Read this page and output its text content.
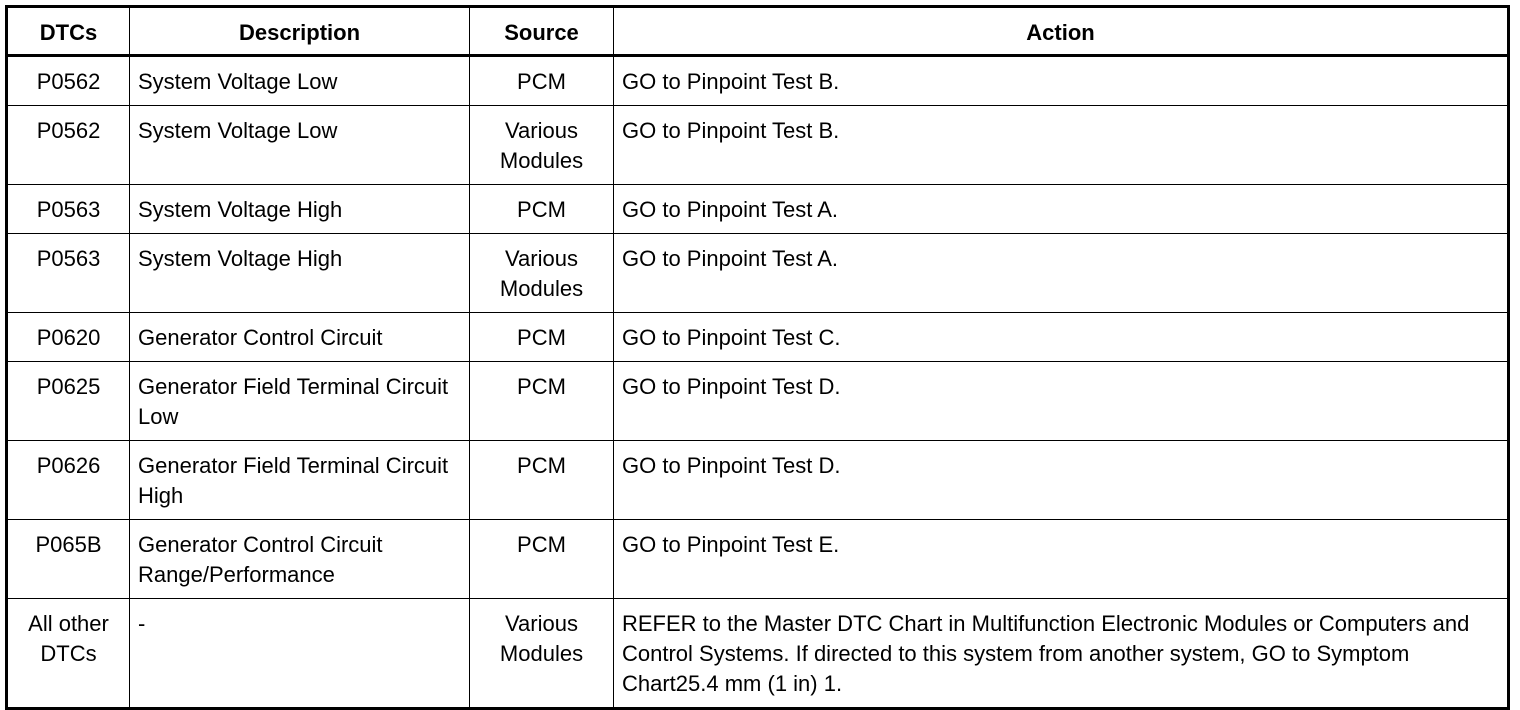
DTCs	Description	Source	Action
P0562	System Voltage Low	PCM	GO to Pinpoint Test B.
P0562	System Voltage Low	Various Modules	GO to Pinpoint Test B.
P0563	System Voltage High	PCM	GO to Pinpoint Test A.
P0563	System Voltage High	Various Modules	GO to Pinpoint Test A.
P0620	Generator Control Circuit	PCM	GO to Pinpoint Test C.
P0625	Generator Field Terminal Circuit Low	PCM	GO to Pinpoint Test D.
P0626	Generator Field Terminal Circuit High	PCM	GO to Pinpoint Test D.
P065B	Generator Control Circuit Range/Performance	PCM	GO to Pinpoint Test E.
All other DTCs	-	Various Modules	REFER to the Master DTC Chart in Multifunction Electronic Modules or Computers and Control Systems. If directed to this system from another system, GO to Symptom Chart25.4 mm (1 in) 1.
